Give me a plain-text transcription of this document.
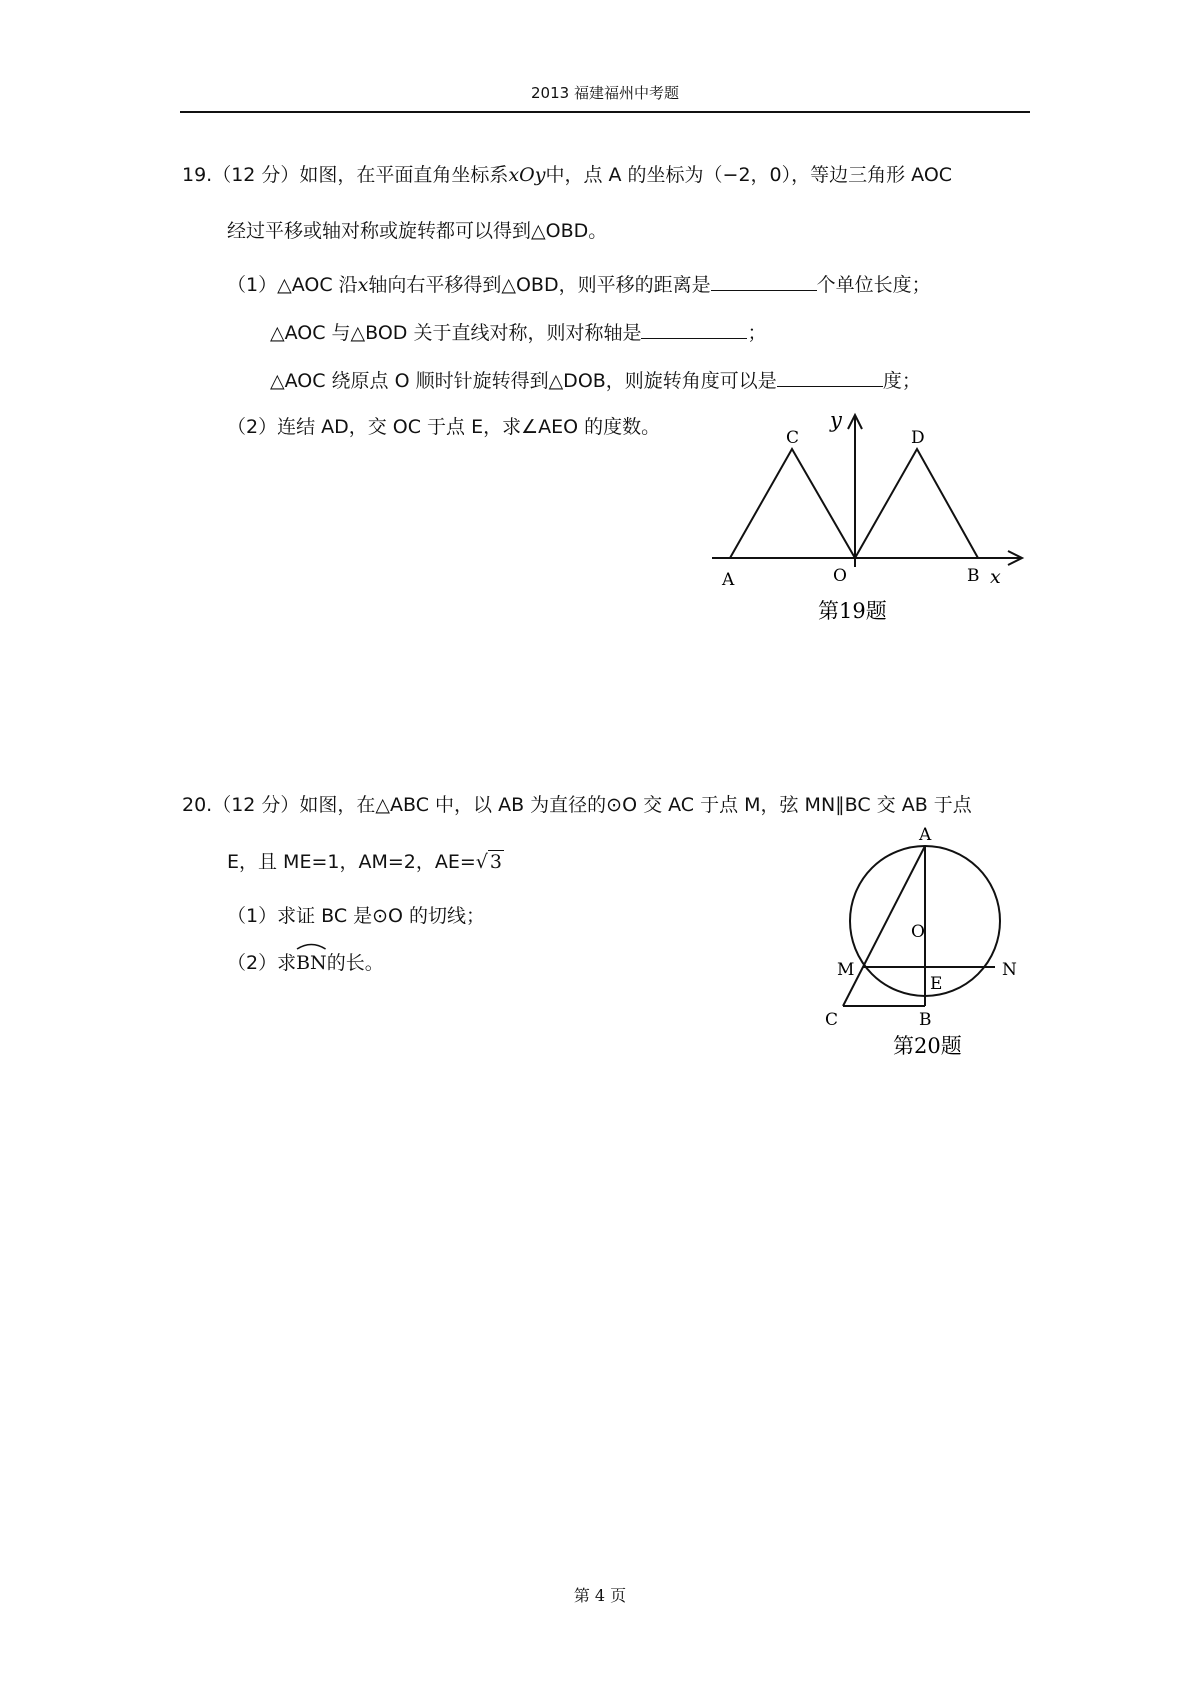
2013 福建福州中考题
19.（12 分）如图，在平面直角坐标系xOy中，点 A 的坐标为（−2，0），等边三角形 AOC
经过平移或轴对称或旋转都可以得到△OBD。
（1）△AOC 沿x轴向右平移得到△OBD，则平移的距离是	个单位长度；
△AOC 与△BOD 关于直线对称，则对称轴是	；
△AOC 绕原点 O 顺时针旋转得到△DOB，则旋转角度可以是	度；
（2）连结 AD，交 OC 于点 E，求∠AEO 的度数。
A	O	B
C	D
x
y
第19题
20.（12 分）如图，在△ABC 中，以 AB 为直径的⊙O 交 AC 于点 M，弦 MN∥BC 交 AB 于点
E，且 ME=1，AM=2，AE=√ 3
（1）求证 BC 是⊙O 的切线；
（2）求
BN的长。
A
O
M	N
E
C	B
第20题
第 4 页
